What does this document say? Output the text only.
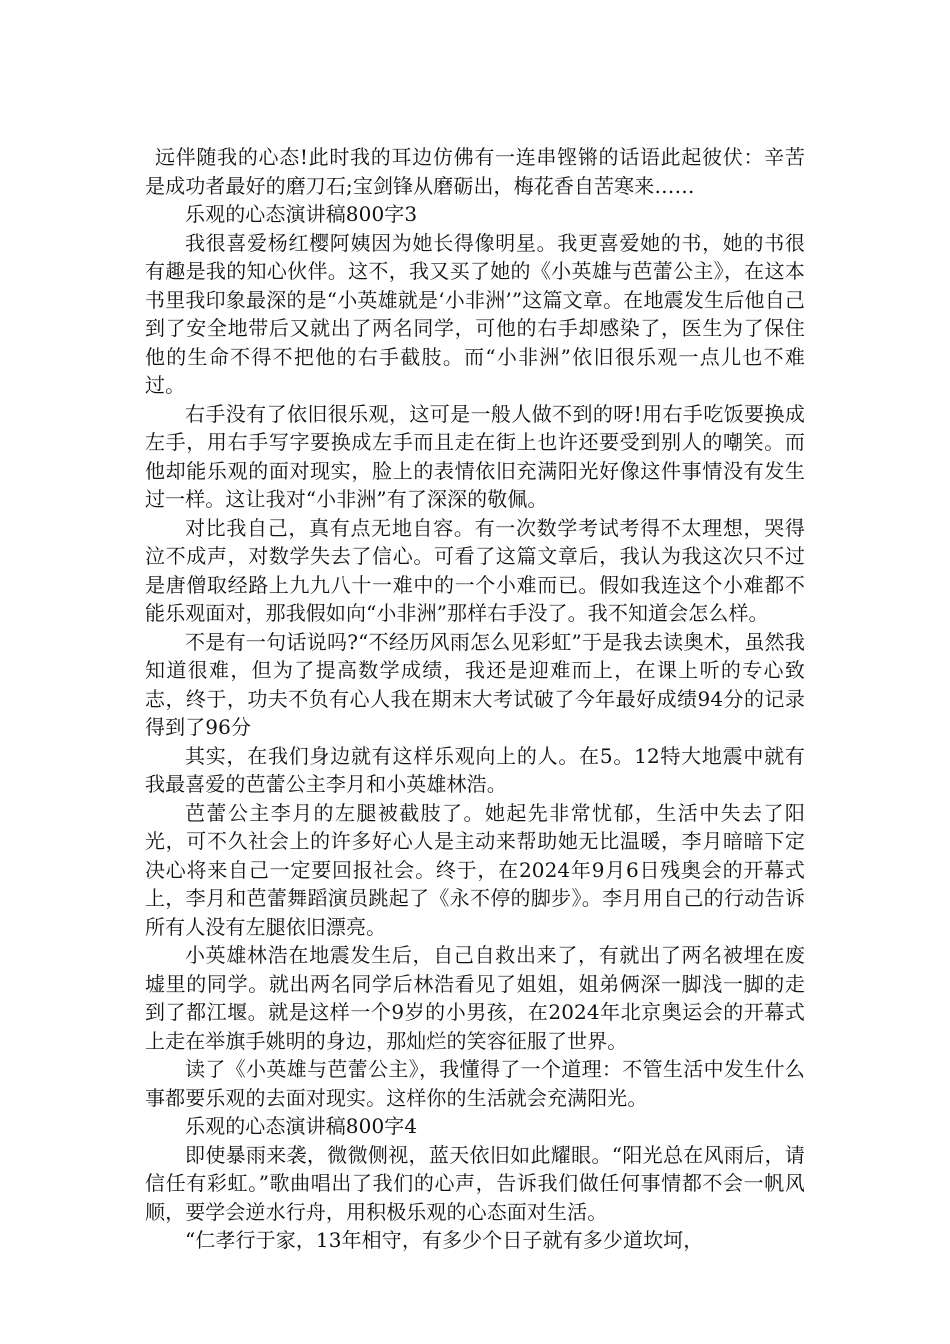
远伴随我的心态!此时我的耳边仿佛有一连串铿锵的话语此起彼伏：辛苦是成功者最好的磨刀石;宝剑锋从磨砺出，梅花香自苦寒来……

乐观的心态演讲稿800字3

我很喜爱杨红樱阿姨因为她长得像明星。我更喜爱她的书，她的书很有趣是我的知心伙伴。这不，我又买了她的《小英雄与芭蕾公主》，在这本书里我印象最深的是“小英雄就是‘小非洲’”这篇文章。在地震发生后他自己到了安全地带后又就出了两名同学，可他的右手却感染了，医生为了保住他的生命不得不把他的右手截肢。而“小非洲”依旧很乐观一点儿也不难过。

右手没有了依旧很乐观，这可是一般人做不到的呀!用右手吃饭要换成左手，用右手写字要换成左手而且走在街上也许还要受到别人的嘲笑。而他却能乐观的面对现实，脸上的表情依旧充满阳光好像这件事情没有发生过一样。这让我对“小非洲”有了深深的敬佩。

对比我自己，真有点无地自容。有一次数学考试考得不太理想，哭得泣不成声，对数学失去了信心。可看了这篇文章后，我认为我这次只不过是唐僧取经路上九九八十一难中的一个小难而已。假如我连这个小难都不能乐观面对，那我假如向“小非洲”那样右手没了。我不知道会怎么样。

不是有一句话说吗?“不经历风雨怎么见彩虹”于是我去读奥术，虽然我知道很难，但为了提高数学成绩，我还是迎难而上，在课上听的专心致志，终于，功夫不负有心人我在期末大考试破了今年最好成绩94分的记录得到了96分

其实，在我们身边就有这样乐观向上的人。在5。12特大地震中就有我最喜爱的芭蕾公主李月和小英雄林浩。

芭蕾公主李月的左腿被截肢了。她起先非常忧郁，生活中失去了阳光，可不久社会上的许多好心人是主动来帮助她无比温暖，李月暗暗下定决心将来自己一定要回报社会。终于，在2024年9月6日残奥会的开幕式上，李月和芭蕾舞蹈演员跳起了《永不停的脚步》。李月用自己的行动告诉所有人没有左腿依旧漂亮。

小英雄林浩在地震发生后，自己自救出来了，有就出了两名被埋在废墟里的同学。就出两名同学后林浩看见了姐姐，姐弟俩深一脚浅一脚的走到了都江堰。就是这样一个9岁的小男孩，在2024年北京奥运会的开幕式上走在举旗手姚明的身边，那灿烂的笑容征服了世界。

读了《小英雄与芭蕾公主》，我懂得了一个道理：不管生活中发生什么事都要乐观的去面对现实。这样你的生活就会充满阳光。

乐观的心态演讲稿800字4

即使暴雨来袭，微微侧视，蓝天依旧如此耀眼。“阳光总在风雨后，请信任有彩虹。”歌曲唱出了我们的心声，告诉我们做任何事情都不会一帆风顺，要学会逆水行舟，用积极乐观的心态面对生活。

“仁孝行于家，13年相守，有多少个日子就有多少道坎坷，
